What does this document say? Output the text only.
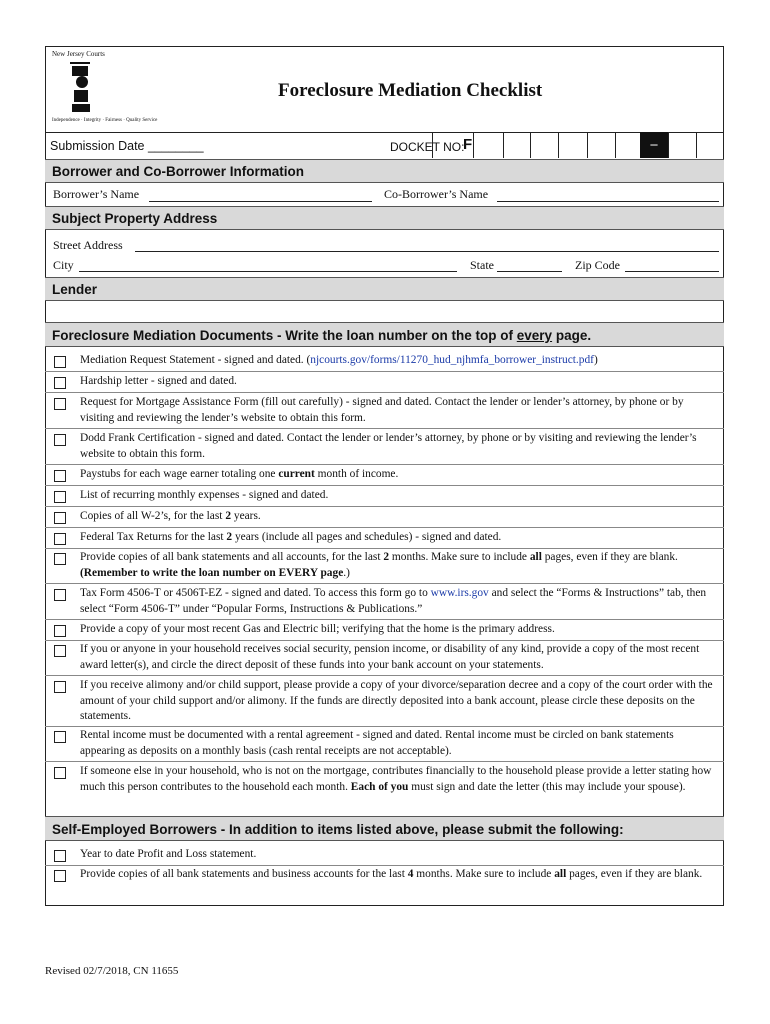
New Jersey Courts
Independence · Integrity · Fairness · Quality Service
Foreclosure Mediation Checklist
Submission Date ________	DOCKET NO:
F	–
Borrower and Co-Borrower Information
Borrower’s Name	Co-Borrower’s Name
Subject Property Address
Street Address
City	State	Zip Code
Lender
Foreclosure Mediation Documents - Write the loan number on the top of every page.
Mediation Request Statement - signed and dated. (njcourts.gov/forms/11270_hud_njhmfa_borrower_instruct.pdf)
Hardship letter - signed and dated.
Request for Mortgage Assistance Form (fill out carefully) - signed and dated. Contact the lender or lender’s attorney, by phone or by visiting and reviewing the lender’s website to obtain this form.
Dodd Frank Certification - signed and dated. Contact the lender or lender’s attorney, by phone or by visiting and reviewing the lender’s website to obtain this form.
Paystubs for each wage earner totaling one current month of income.
List of recurring monthly expenses - signed and dated.
Copies of all W-2’s, for the last 2 years.
Federal Tax Returns for the last 2 years (include all pages and schedules) - signed and dated.
Provide copies of all bank statements and all accounts, for the last 2 months. Make sure to include all pages, even if they are blank. (Remember to write the loan number on EVERY page.)
Tax Form 4506-T or 4506T-EZ - signed and dated. To access this form go to www.irs.gov and select the “Forms & Instructions” tab, then select “Form 4506-T” under “Popular Forms, Instructions & Publications.”
Provide a copy of your most recent Gas and Electric bill; verifying that the home is the primary address.
If you or anyone in your household receives social security, pension income, or disability of any kind, provide a copy of the most recent award letter(s), and circle the direct deposit of these funds into your bank account on your statements.
If you receive alimony and/or child support, please provide a copy of your divorce/separation decree and a copy of the court order with the amount of your child support and/or alimony. If the funds are directly deposited into a bank account, please circle these deposits on the statements.
Rental income must be documented with a rental agreement - signed and dated. Rental income must be circled on bank statements appearing as deposits on a monthly basis (cash rental receipts are not acceptable).
If someone else in your household, who is not on the mortgage, contributes financially to the household please provide a letter stating how much this person contributes to the household each month. Each of you must sign and date the letter (this may include your spouse).
Self-Employed Borrowers - In addition to items listed above, please submit the following:
Year to date Profit and Loss statement.
Provide copies of all bank statements and business accounts for the last 4 months. Make sure to include all pages, even if they are blank.
Revised 02/7/2018, CN 11655
